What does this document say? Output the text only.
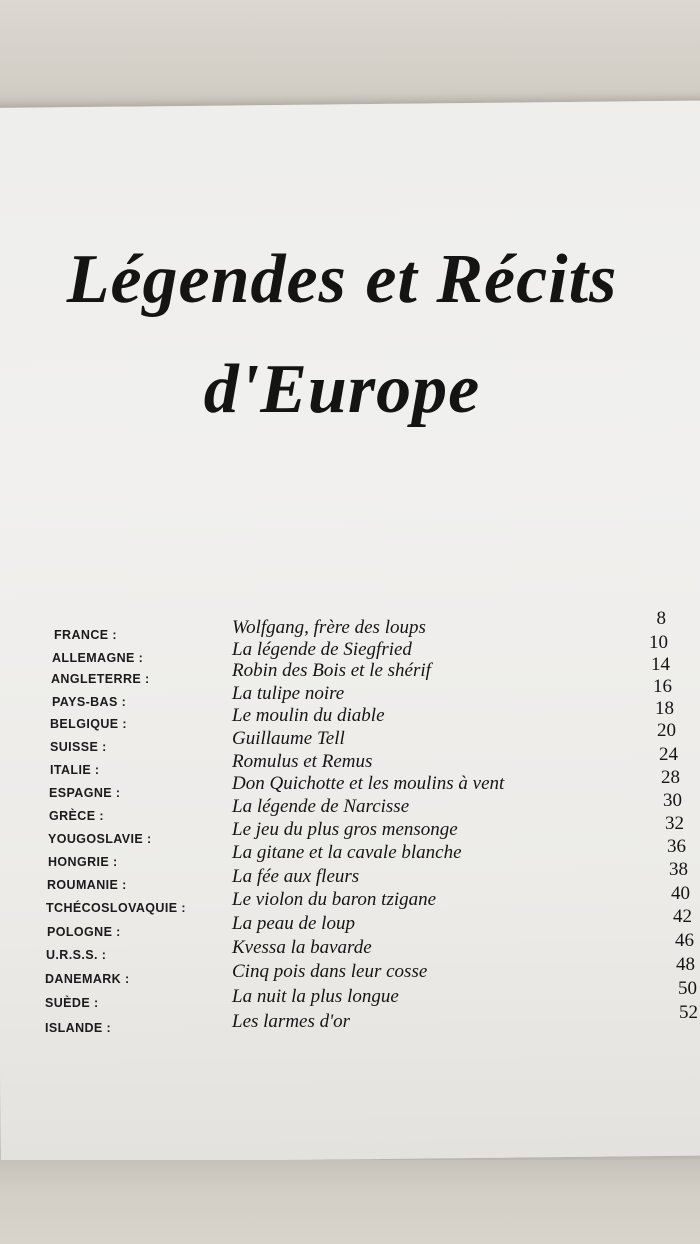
Légendes et Récits
d'Europe
FRANCE :	Wolfgang, frère des loups	8
ALLEMAGNE :	La légende de Siegfried	10
ANGLETERRE :	Robin des Bois et le shérif	14
PAYS-BAS :	La tulipe noire	16
BELGIQUE :	Le moulin du diable	18
SUISSE :	Guillaume Tell	20
ITALIE :	Romulus et Remus	24
ESPAGNE :	Don Quichotte et les moulins à vent	28
GRÈCE :	La légende de Narcisse	30
YOUGOSLAVIE :	Le jeu du plus gros mensonge	32
HONGRIE :	La gitane et la cavale blanche	36
ROUMANIE :	La fée aux fleurs	38
TCHÉCOSLOVAQUIE : Le violon du baron tzigane	40
POLOGNE :	La peau de loup	42
U.R.S.S. :	Kvessa la bavarde	46
DANEMARK :	Cinq pois dans leur cosse	48
SUÈDE :	La nuit la plus longue	50
ISLANDE :	Les larmes d'or	52
